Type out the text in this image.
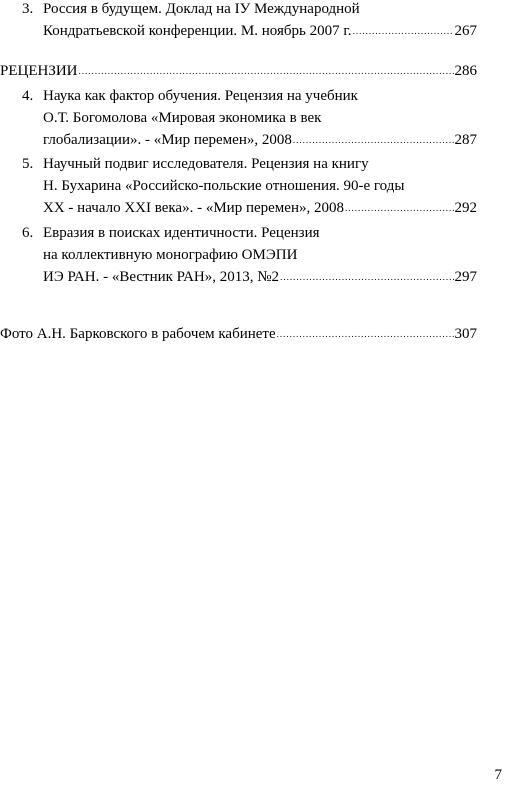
3. Россия в будущем. Доклад на IУ Международной
Кондратьевской конференции. М. ноябрь 2007 г. .....	267
РЕЦЕНЗИИ .....	286
4. Наука как фактор обучения. Рецензия на учебник
О.Т. Богомолова «Мировая экономика в век
глобализации». - «Мир перемен», 2008 .....	287
5. Научный подвиг исследователя. Рецензия на книгу
Н. Бухарина «Российско-польские отношения. 90-е годы
XX - начало XXI века». - «Мир перемен», 2008 .....	292
6. Евразия в поисках идентичности. Рецензия
на коллективную монографию ОМЭПИ
ИЭ РАН. - «Вестник РАН», 2013, №2 .....	297
Фото А.Н. Барковского в рабочем кабинете .....	307
7
